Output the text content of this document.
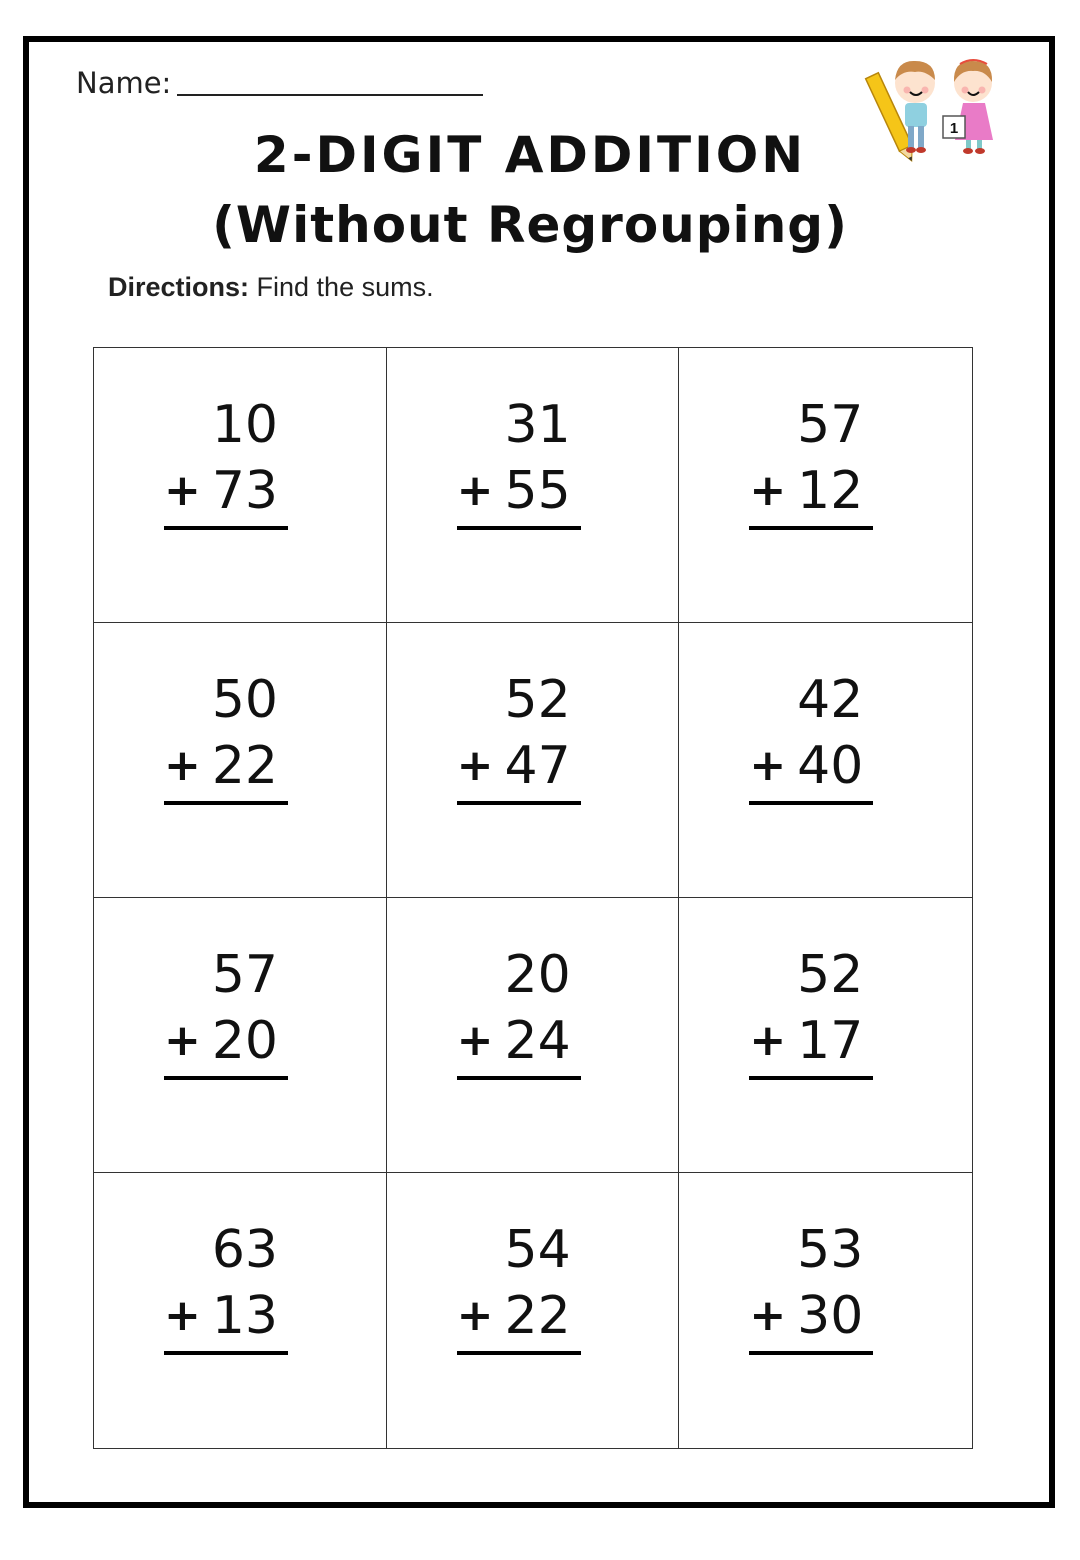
Name:
2-DIGIT ADDITION
(Without Regrouping)
Directions: Find the sums.
1
10
+ 73
31
+ 55
57
+ 12
50
+ 22
52
+ 47
42
+ 40
57
+ 20
20
+ 24
52
+ 17
63
+ 13
54
+ 22
53
+ 30
